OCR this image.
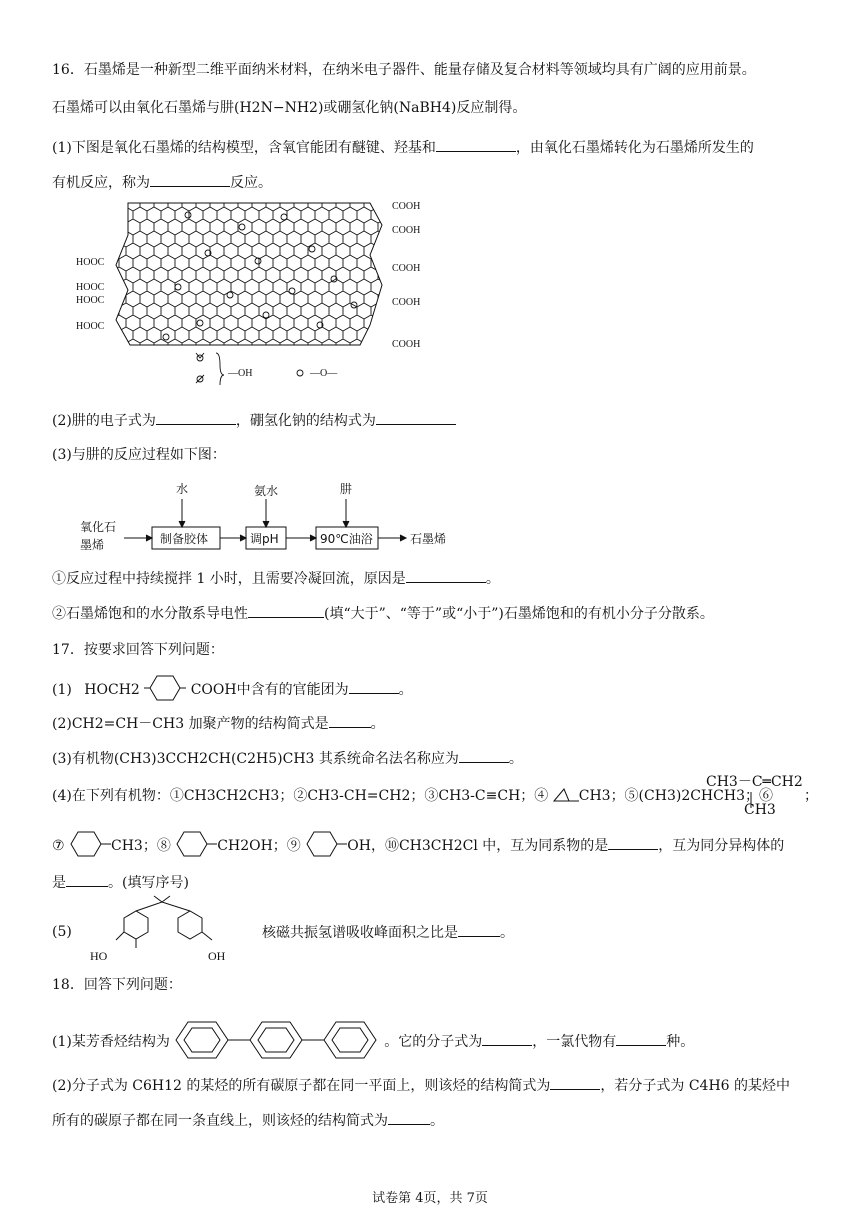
16．石墨烯是一种新型二维平面纳米材料，在纳米电子器件、能量存储及复合材料等领域均具有广阔的应用前景。
石墨烯可以由氧化石墨烯与肼(H2N−NH2)或硼氢化钠(NaBH4)反应制得。
(1)下图是氧化石墨烯的结构模型，含氧官能团有醚键、羟基和	，由氧化石墨烯转化为石墨烯所发生的
有机反应，称为	反应。
COOH
COOH
COOH
COOH
COOH
HOOC
HOOC
HOOC
HOOC
—OH	—O—
(2)肼的电子式为	，硼氢化钠的结构式为
(3)与肼的反应过程如下图：
氧化石
墨烯	制备胶体	调pH	90℃油浴	石墨烯
水	氨水	肼
①反应过程中持续搅拌 1 小时，且需要冷凝回流，原因是	。
②石墨烯饱和的水分散系导电性	(填“大于”、“等于”或“小于”)石墨烯饱和的有机小分子分散系。
17．按要求回答下列问题：
(1) HOCH2	COOH中含有的官能团为	。
(2)CH2=CH－CH3 加聚产物的结构简式是	。
(3)有机物(CH3)3CCH2CH(C2H5)CH3 其系统命名法名称应为	。
(4)在下列有机物：①CH3CH2CH3；②CH3-CH=CH2；③CH3-C≡CH；④ CH3；⑤(CH3)2CHCH3；⑥
CH3－C═CH2
CH3
；
⑦	CH3；⑧	CH2OH；⑨	OH，⑩CH3CH2Cl 中，互为同系物的是	，互为同分异构体的
是	。(填写序号)
(5)
HO	OH
核磁共振氢谱吸收峰面积之比是	。
18．回答下列问题：
(1)某芳香烃结构为	。它的分子式为	，一氯代物有	种。
(2)分子式为 C6H12 的某烃的所有碳原子都在同一平面上，则该烃的结构简式为	，若分子式为 C4H6 的某烃中
所有的碳原子都在同一条直线上，则该烃的结构简式为	。
试卷第 4页，共 7页
